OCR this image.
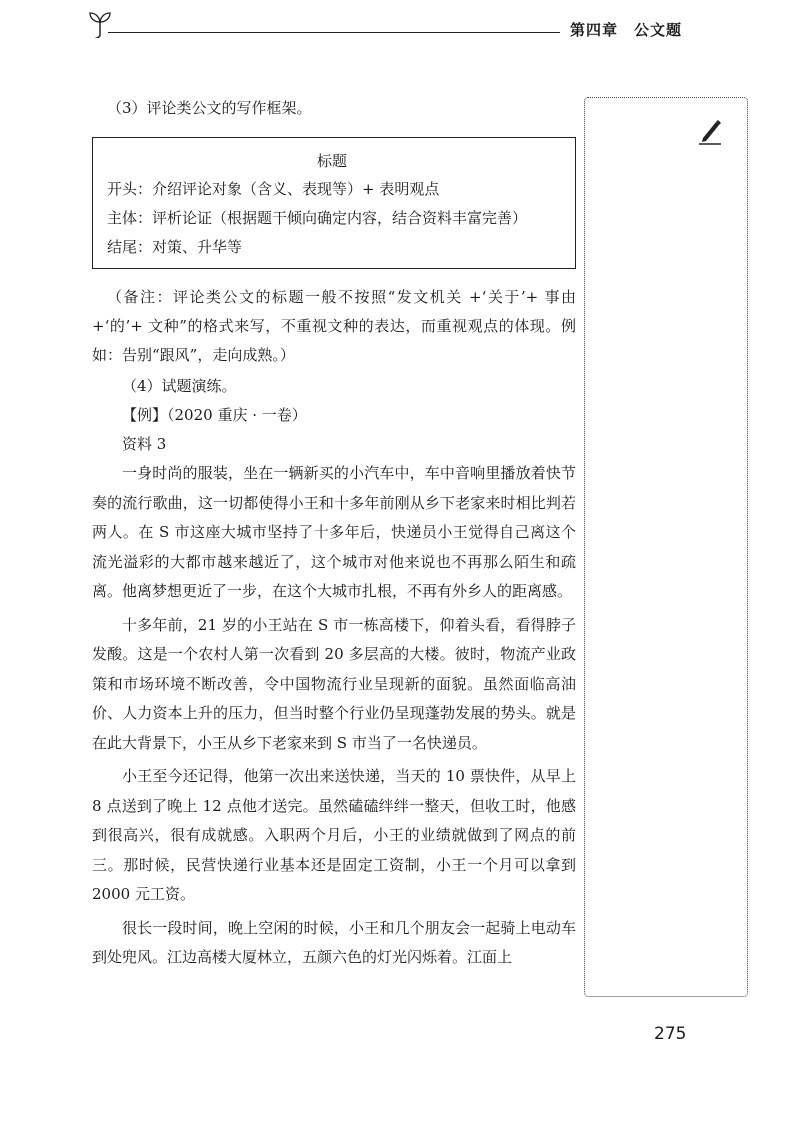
第四章 公文题
（3）评论类公文的写作框架。
标题
开头：介绍评论对象（含义、表现等）+ 表明观点
主体：评析论证（根据题干倾向确定内容，结合资料丰富完善）
结尾：对策、升华等

（备注：评论类公文的标题一般不按照“发文机关 +‘关于’+ 事由 +‘的’+ 文种”的格式来写，不重视文种的表达，而重视观点的体现。例如：告别“跟风”，走向成熟。）

（4）试题演练。
【例】（2020 重庆 · 一卷）
资料 3

一身时尚的服装，坐在一辆新买的小汽车中，车中音响里播放着快节奏的流行歌曲，这一切都使得小王和十多年前刚从乡下老家来时相比判若两人。在 S 市这座大城市坚持了十多年后，快递员小王觉得自己离这个流光溢彩的大都市越来越近了，这个城市对他来说也不再那么陌生和疏离。他离梦想更近了一步，在这个大城市扎根，不再有外乡人的距离感。

十多年前，21 岁的小王站在 S 市一栋高楼下，仰着头看，看得脖子发酸。这是一个农村人第一次看到 20 多层高的大楼。彼时，物流产业政策和市场环境不断改善，令中国物流行业呈现新的面貌。虽然面临高油价、人力资本上升的压力，但当时整个行业仍呈现蓬勃发展的势头。就是在此大背景下，小王从乡下老家来到 S 市当了一名快递员。

小王至今还记得，他第一次出来送快递，当天的 10 票快件，从早上 8 点送到了晚上 12 点他才送完。虽然磕磕绊绊一整天，但收工时，他感到很高兴，很有成就感。入职两个月后，小王的业绩就做到了网点的前三。那时候，民营快递行业基本还是固定工资制，小王一个月可以拿到 2000 元工资。

很长一段时间，晚上空闲的时候，小王和几个朋友会一起骑上电动车到处兜风。江边高楼大厦林立，五颜六色的灯光闪烁着。江面上

275
